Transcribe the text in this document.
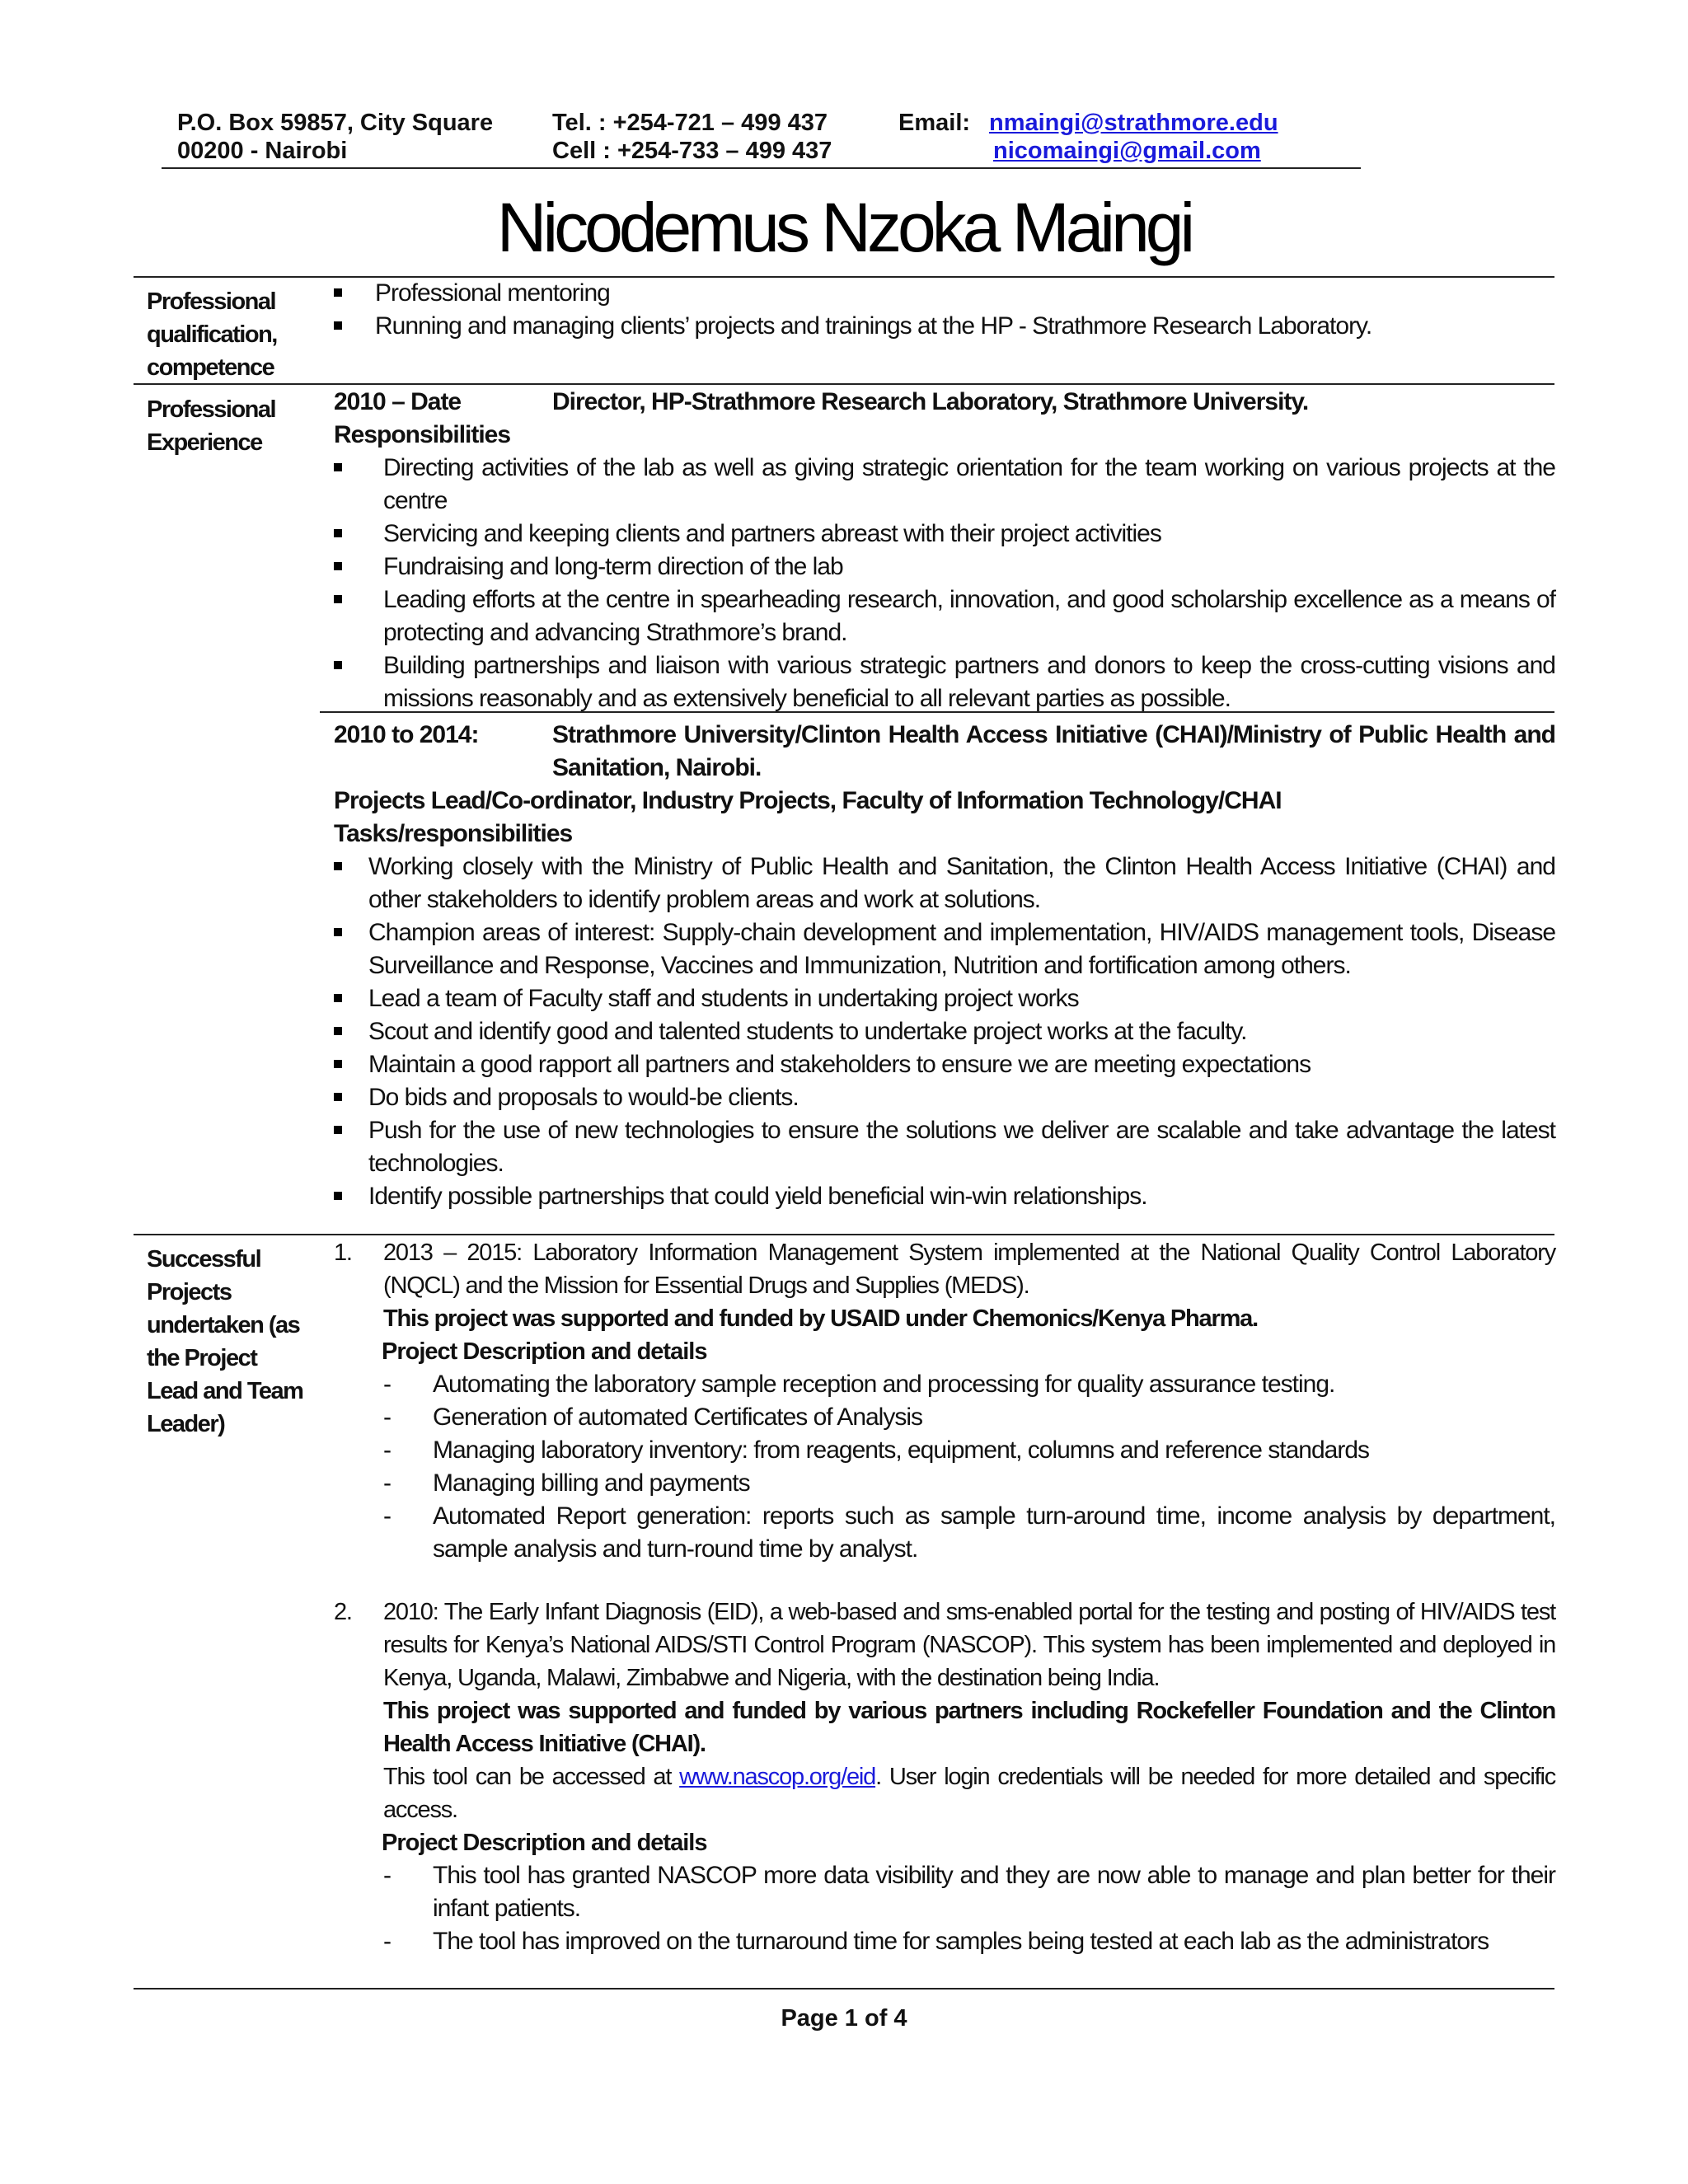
P.O. Box 59857, City Square Tel. : +254-721 – 499 437	Email: nmaingi@strathmore.edu
00200 - Nairobi	Cell : +254-733 – 499 437	nicomaingi@gmail.com
Nicodemus Nzoka Maingi
Professional qualification, competence
Professional mentoring
Running and managing clients’ projects and trainings at the HP - Strathmore Research Laboratory.
Professional Experience
2010 – Date	Director, HP-Strathmore Research Laboratory, Strathmore University.

Responsibilities

Directing activities of the lab as well as giving strategic orientation for the team working on various projects at the centre
Servicing and keeping clients and partners abreast with their project activities
Fundraising and long-term direction of the lab
Leading efforts at the centre in spearheading research, innovation, and good scholarship excellence as a means of protecting and advancing Strathmore’s brand.
Building partnerships and liaison with various strategic partners and donors to keep the cross-cutting visions and missions reasonably and as extensively beneficial to all relevant parties as possible.
2010 to 2014:	Strathmore University/Clinton Health Access Initiative (CHAI)/Ministry of Public Health and Sanitation, Nairobi.

Projects Lead/Co-ordinator, Industry Projects, Faculty of Information Technology/CHAI

Tasks/responsibilities

Working closely with the Ministry of Public Health and Sanitation, the Clinton Health Access Initiative (CHAI) and other stakeholders to identify problem areas and work at solutions.
Champion areas of interest: Supply-chain development and implementation, HIV/AIDS management tools, Disease Surveillance and Response, Vaccines and Immunization, Nutrition and fortification among others.
Lead a team of Faculty staff and students in undertaking project works
Scout and identify good and talented students to undertake project works at the faculty.
Maintain a good rapport all partners and stakeholders to ensure we are meeting expectations
Do bids and proposals to would-be clients.
Push for the use of new technologies to ensure the solutions we deliver are scalable and take advantage the latest technologies.
Identify possible partnerships that could yield beneficial win-win relationships.
Successful Projects undertaken (as the Project Lead and Team Leader)
1. 2013 – 2015: Laboratory Information Management System implemented at the National Quality Control Laboratory (NQCL) and the Mission for Essential Drugs and Supplies (MEDS).

This project was supported and funded by USAID under Chemonics/Kenya Pharma.

Project Description and details

- Automating the laboratory sample reception and processing for quality assurance testing.
- Generation of automated Certificates of Analysis
- Managing laboratory inventory: from reagents, equipment, columns and reference standards
- Managing billing and payments
- Automated Report generation: reports such as sample turn-around time, income analysis by department, sample analysis and turn-round time by analyst.
2. 2010: The Early Infant Diagnosis (EID), a web-based and sms-enabled portal for the testing and posting of HIV/AIDS test results for Kenya’s National AIDS/STI Control Program (NASCOP). This system has been implemented and deployed in Kenya, Uganda, Malawi, Zimbabwe and Nigeria, with the destination being India.

This project was supported and funded by various partners including Rockefeller Foundation and the Clinton Health Access Initiative (CHAI).

This tool can be accessed at www.nascop.org/eid. User login credentials will be needed for more detailed and specific access.

Project Description and details

- This tool has granted NASCOP more data visibility and they are now able to manage and plan better for their infant patients.
- The tool has improved on the turnaround time for samples being tested at each lab as the administrators
Page 1 of 4
